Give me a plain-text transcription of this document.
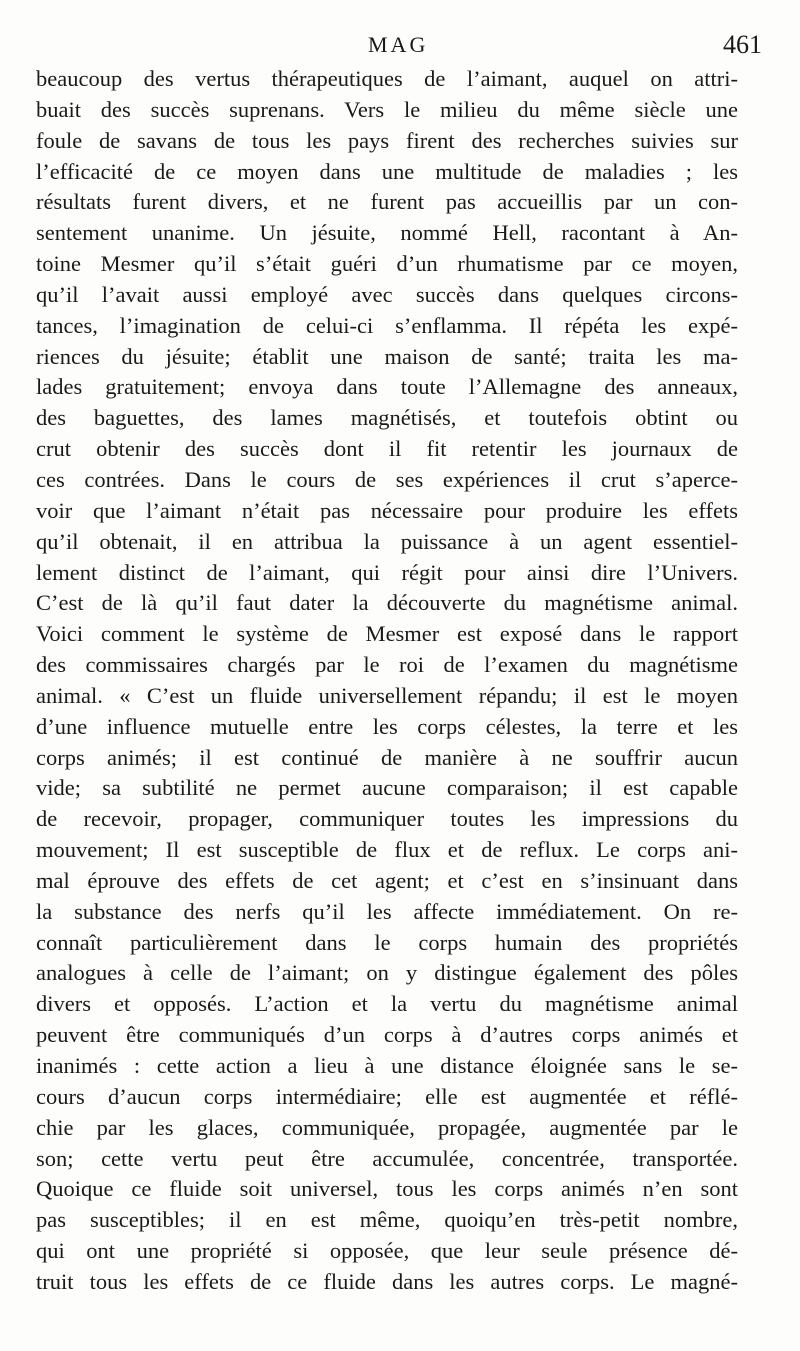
MAG	461
beaucoup des vertus thérapeutiques de l’aimant, auquel on attri-
buait des succès suprenans. Vers le milieu du même siècle une
foule de savans de tous les pays firent des recherches suivies sur
l’efficacité de ce moyen dans une multitude de maladies ; les
résultats furent divers, et ne furent pas accueillis par un con-
sentement unanime. Un jésuite, nommé Hell, racontant à An-
toine Mesmer qu’il s’était guéri d’un rhumatisme par ce moyen,
qu’il l’avait aussi employé avec succès dans quelques circons-
tances, l’imagination de celui-ci s’enflamma. Il répéta les expé-
riences du jésuite; établit une maison de santé; traita les ma-
lades gratuitement; envoya dans toute l’Allemagne des anneaux,
des baguettes, des lames magnétisés, et toutefois obtint ou
crut obtenir des succès dont il fit retentir les journaux de
ces contrées. Dans le cours de ses expériences il crut s’aperce-
voir que l’aimant n’était pas nécessaire pour produire les effets
qu’il obtenait, il en attribua la puissance à un agent essentiel-
lement distinct de l’aimant, qui régit pour ainsi dire l’Univers.
C’est de là qu’il faut dater la découverte du magnétisme animal.
Voici comment le système de Mesmer est exposé dans le rapport
des commissaires chargés par le roi de l’examen du magnétisme
animal. « C’est un fluide universellement répandu; il est le moyen
d’une influence mutuelle entre les corps célestes, la terre et les
corps animés; il est continué de manière à ne souffrir aucun
vide; sa subtilité ne permet aucune comparaison; il est capable
de recevoir, propager, communiquer toutes les impressions du
mouvement; Il est susceptible de flux et de reflux. Le corps ani-
mal éprouve des effets de cet agent; et c’est en s’insinuant dans
la substance des nerfs qu’il les affecte immédiatement. On re-
connaît particulièrement dans le corps humain des propriétés
analogues à celle de l’aimant; on y distingue également des pôles
divers et opposés. L’action et la vertu du magnétisme animal
peuvent être communiqués d’un corps à d’autres corps animés et
inanimés : cette action a lieu à une distance éloignée sans le se-
cours d’aucun corps intermédiaire; elle est augmentée et réflé-
chie par les glaces, communiquée, propagée, augmentée par le
son; cette vertu peut être accumulée, concentrée, transportée.
Quoique ce fluide soit universel, tous les corps animés n’en sont
pas susceptibles; il en est même, quoiqu’en très-petit nombre,
qui ont une propriété si opposée, que leur seule présence dé-
truit tous les effets de ce fluide dans les autres corps. Le magné-
